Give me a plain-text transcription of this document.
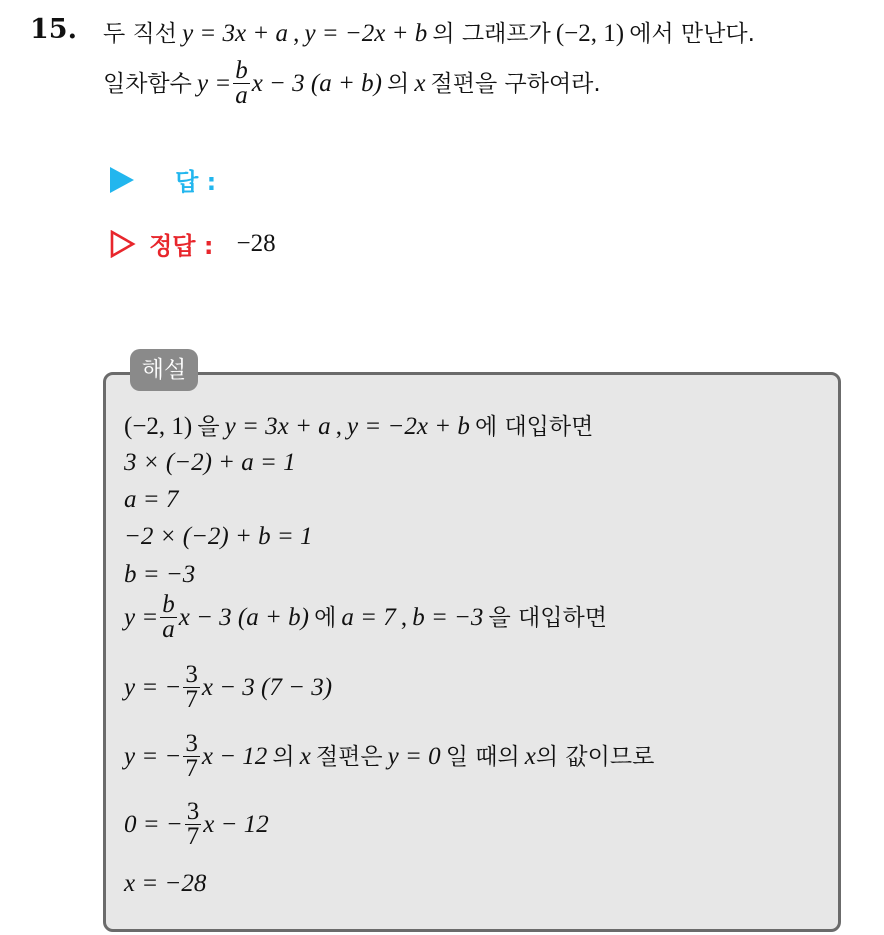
15. 두 직선 y = 3x + a , y = −2x + b 의 그래프가 (−2, 1) 에서 만난다.
일차함수 $y = \frac{b}{a}$ x − 3 (a + b) 의 x 절편을 구하여라.
답 :
정답 : −28
해설
(−2, 1) 을 y = 3x + a , y = −2x + b 에 대입하면
3 × (−2) + a = 1
a = 7
−2 × (−2) + b = 1
b = −3
$y = \frac{b}{a}$ x − 3 (a + b) 에 a = 7 , b = −3 을 대입하면
y = − $\frac{3}{7}$ x − 3 (7 − 3)
y = − $\frac{3}{7}$ x − 12 의 x 절편은 y = 0 일 때의 x의 값이므로
0 = − $\frac{3}{7}$ x − 12
x = −28
